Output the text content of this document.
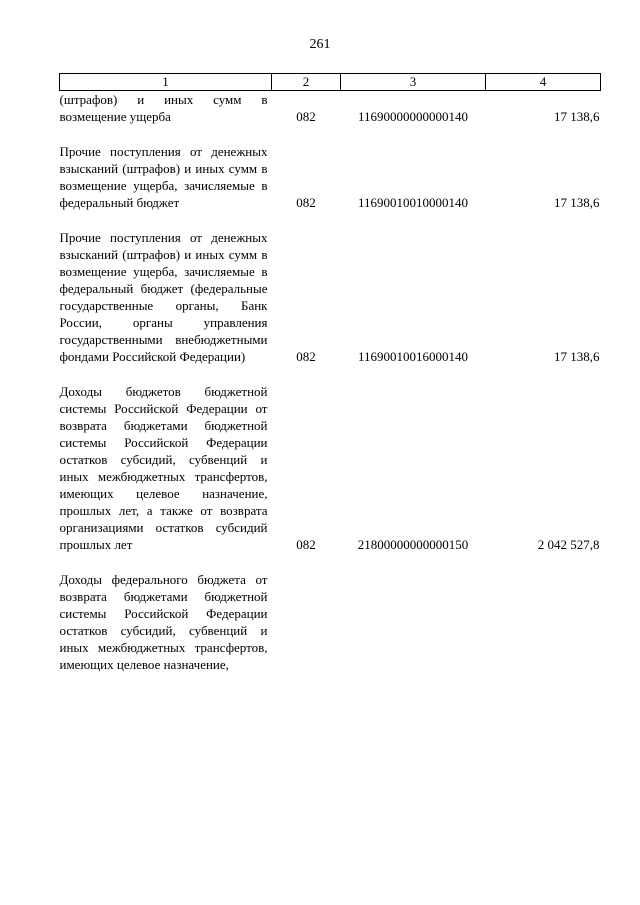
261
1	2	3	4
(штрафов) и иных сумм в возмещение ущерба	082	11690000000000140	17 138,6

Прочие поступления от денежных взысканий (штрафов) и иных сумм в возмещение ущерба, зачисляемые в федеральный бюджет	082	11690010010000140	17 138,6

Прочие поступления от денежных взысканий (штрафов) и иных сумм в возмещение ущерба, зачисляемые в федеральный бюджет (федеральные государственные органы, Банк России, органы управления государственными внебюджетными фондами Российской Федерации)	082	11690010016000140	17 138,6

Доходы бюджетов бюджетной системы Российской Федерации от возврата бюджетами бюджетной системы Российской Федерации остатков субсидий, субвенций и иных межбюджетных трансфертов, имеющих целевое назначение, прошлых лет, а также от возврата организациями остатков субсидий прошлых лет	082	21800000000000150	2 042 527,8

Доходы федерального бюджета от возврата бюджетами бюджетной системы Российской Федерации остатков субсидий, субвенций и иных межбюджетных трансфертов, имеющих целевое назначение,			
